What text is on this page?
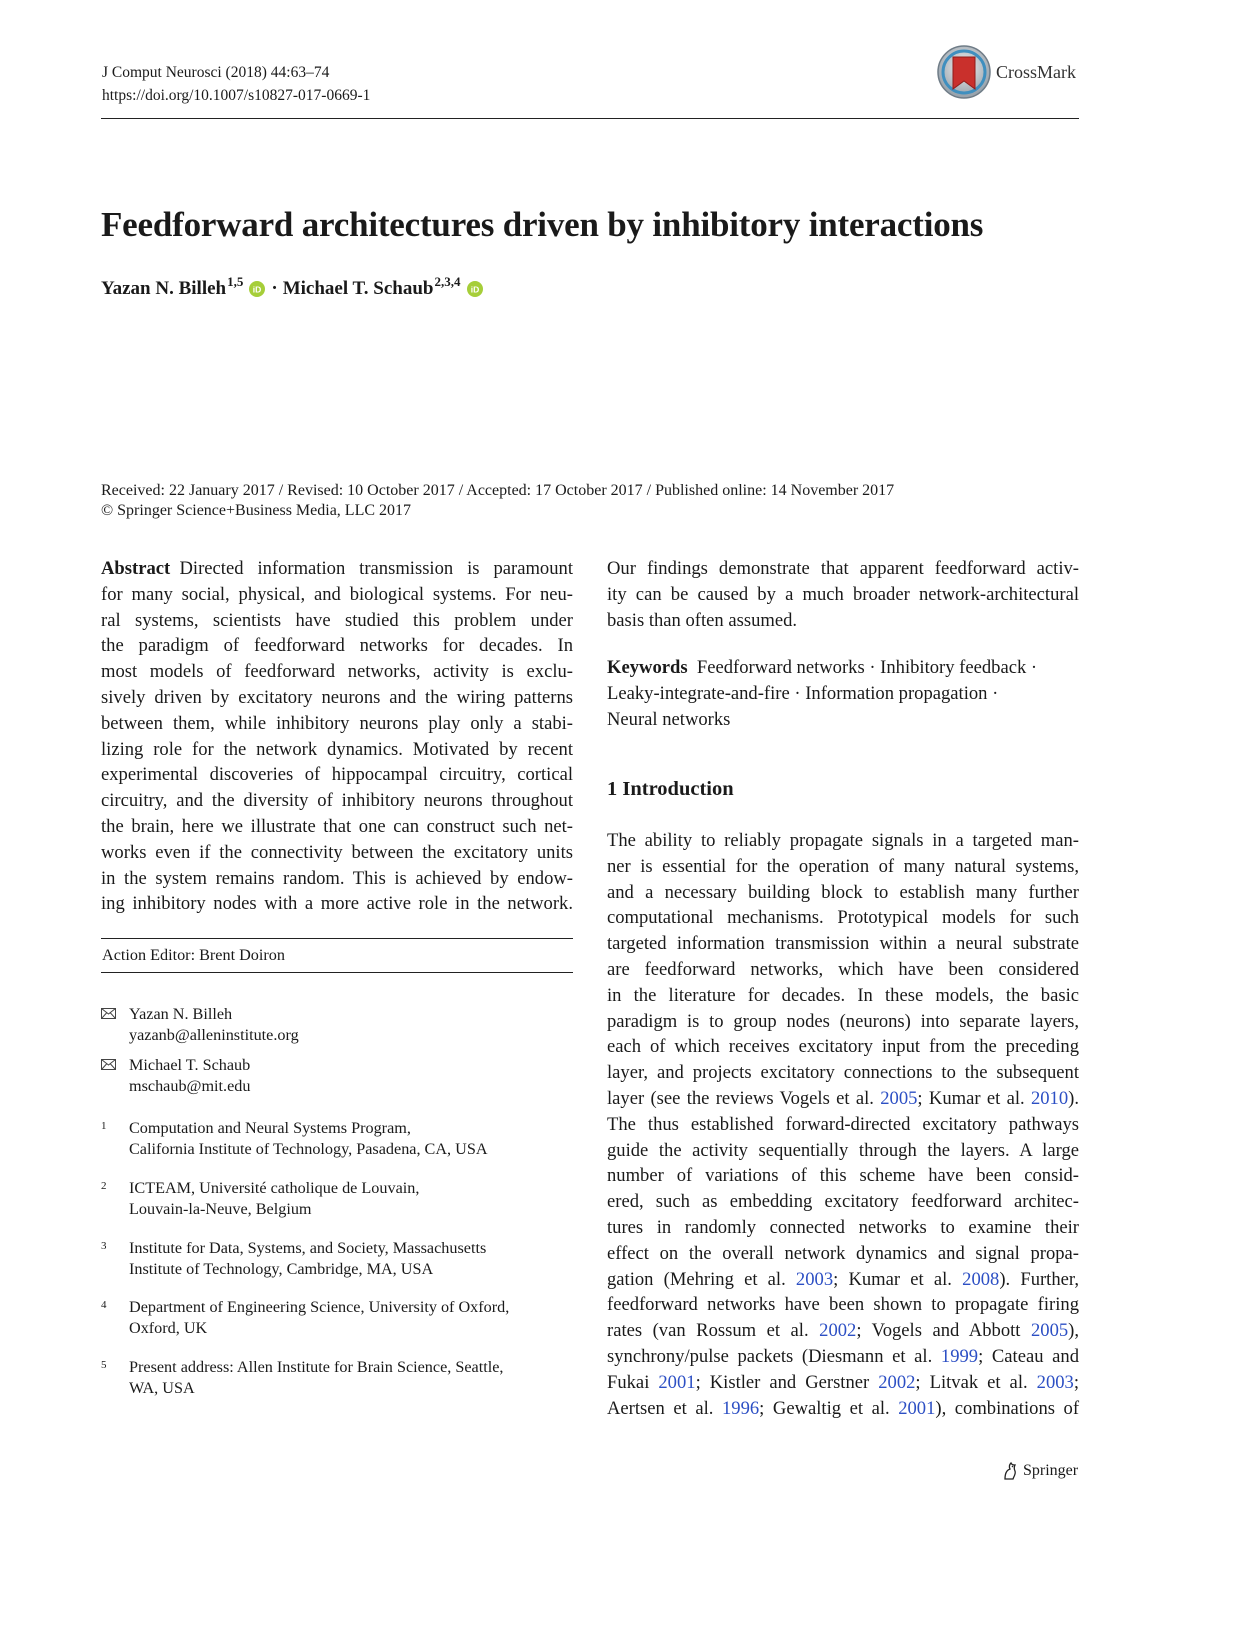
J Comput Neurosci (2018) 44:63–74
https://doi.org/10.1007/s10827-017-0669-1
CrossMark
Feedforward architectures driven by inhibitory interactions
Yazan N. Billeh$^{1,5}$
iD · Michael T. Schaub$^{2,3,4}$
iD
Received: 22 January 2017 / Revised: 10 October 2017 / Accepted: 17 October 2017 / Published online: 14 November 2017
© Springer Science+Business Media, LLC 2017
Abstract  Directed information transmission is paramount
for many social, physical, and biological systems. For neu-
ral systems, scientists have studied this problem under
the paradigm of feedforward networks for decades. In
most models of feedforward networks, activity is exclu-
sively driven by excitatory neurons and the wiring patterns
between them, while inhibitory neurons play only a stabi-
lizing role for the network dynamics. Motivated by recent
experimental discoveries of hippocampal circuitry, cortical
circuitry, and the diversity of inhibitory neurons throughout
the brain, here we illustrate that one can construct such net-
works even if the connectivity between the excitatory units
in the system remains random. This is achieved by endow-
ing inhibitory nodes with a more active role in the network.
Action Editor: Brent Doiron
Yazan N. Billeh
yazanb@alleninstitute.org
Michael T. Schaub
mschaub@mit.edu
1 Computation and Neural Systems Program,
California Institute of Technology, Pasadena, CA, USA
2 ICTEAM, Université catholique de Louvain,
Louvain-la-Neuve, Belgium
3 Institute for Data, Systems, and Society, Massachusetts
Institute of Technology, Cambridge, MA, USA
4 Department of Engineering Science, University of Oxford,
Oxford, UK
5 Present address: Allen Institute for Brain Science, Seattle,
WA, USA
Our findings demonstrate that apparent feedforward activ-
ity can be caused by a much broader network-architectural
basis than often assumed.
Keywords  Feedforward networks · Inhibitory feedback ·
Leaky-integrate-and-fire · Information propagation ·
Neural networks
1 Introduction
The ability to reliably propagate signals in a targeted man-
ner is essential for the operation of many natural systems,
and a necessary building block to establish many further
computational mechanisms. Prototypical models for such
targeted information transmission within a neural substrate
are feedforward networks, which have been considered
in the literature for decades. In these models, the basic
paradigm is to group nodes (neurons) into separate layers,
each of which receives excitatory input from the preceding
layer, and projects excitatory connections to the subsequent
layer (see the reviews Vogels et al. 2005; Kumar et al. 2010).
The thus established forward-directed excitatory pathways
guide the activity sequentially through the layers. A large
number of variations of this scheme have been consid-
ered, such as embedding excitatory feedforward architec-
tures in randomly connected networks to examine their
effect on the overall network dynamics and signal propa-
gation (Mehring et al. 2003; Kumar et al. 2008). Further,
feedforward networks have been shown to propagate firing
rates (van Rossum et al. 2002; Vogels and Abbott 2005),
synchrony/pulse packets (Diesmann et al. 1999; Cateau and
Fukai 2001; Kistler and Gerstner 2002; Litvak et al. 2003;
Aertsen et al. 1996; Gewaltig et al. 2001), combinations of
Springer
